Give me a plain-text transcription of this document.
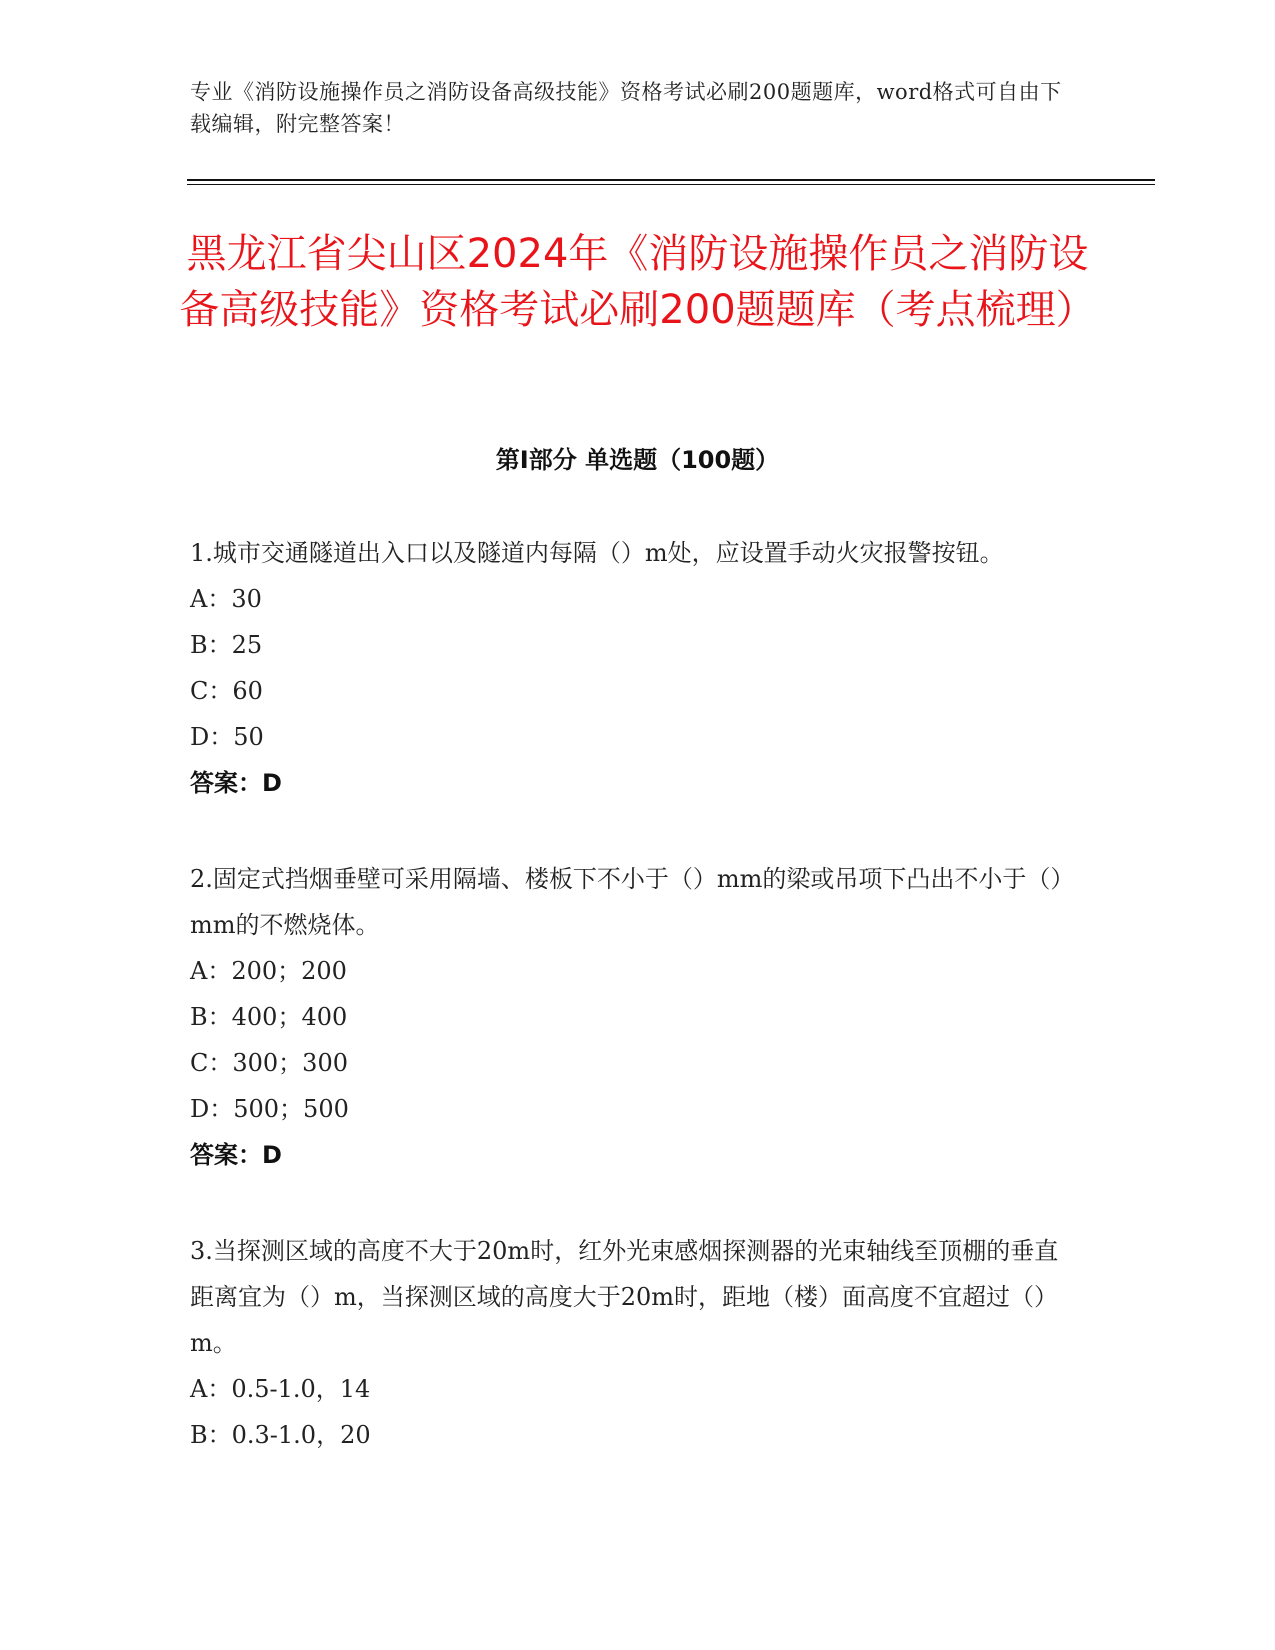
专业《消防设施操作员之消防设备高级技能》资格考试必刷200题题库，word格式可自由下载编辑，附完整答案！
黑龙江省尖山区2024年《消防设施操作员之消防设备高级技能》资格考试必刷200题题库（考点梳理）
第Ⅰ部分 单选题（100题）

1.城市交通隧道出入口以及隧道内每隔（）m处，应设置手动火灾报警按钮。

A：30

B：25

C：60

D：50

答案：D

2.固定式挡烟垂壁可采用隔墙、楼板下不小于（）mm的梁或吊项下凸出不小于（）mm的不燃烧体。

A：200；200

B：400；400

C：300；300

D：500；500

答案：D

3.当探测区域的高度不大于20m时，红外光束感烟探测器的光束轴线至顶棚的垂直距离宜为（）m，当探测区域的高度大于20m时，距地（楼）面高度不宜超过（）m。

A：0.5-1.0，14

B：0.3-1.0，20
